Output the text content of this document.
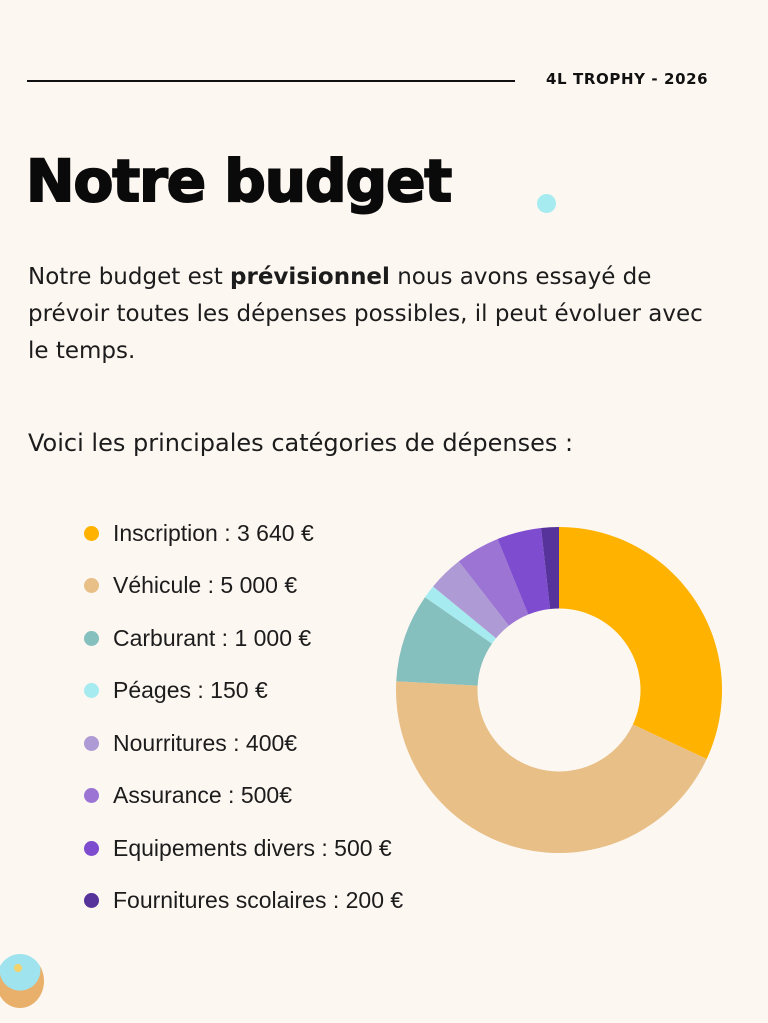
4L TROPHY - 2026
Notre budget

Notre budget est prévisionnel nous avons essayé de prévoir toutes les dépenses possibles, il peut évoluer avec le temps.

Voici les principales catégories de dépenses :
Inscription : 3 640 €
Véhicule : 5 000 €
Carburant : 1 000 €
Péages : 150 €
Nourritures : 400€
Assurance : 500€
Equipements divers : 500 €
Fournitures scolaires : 200 €
